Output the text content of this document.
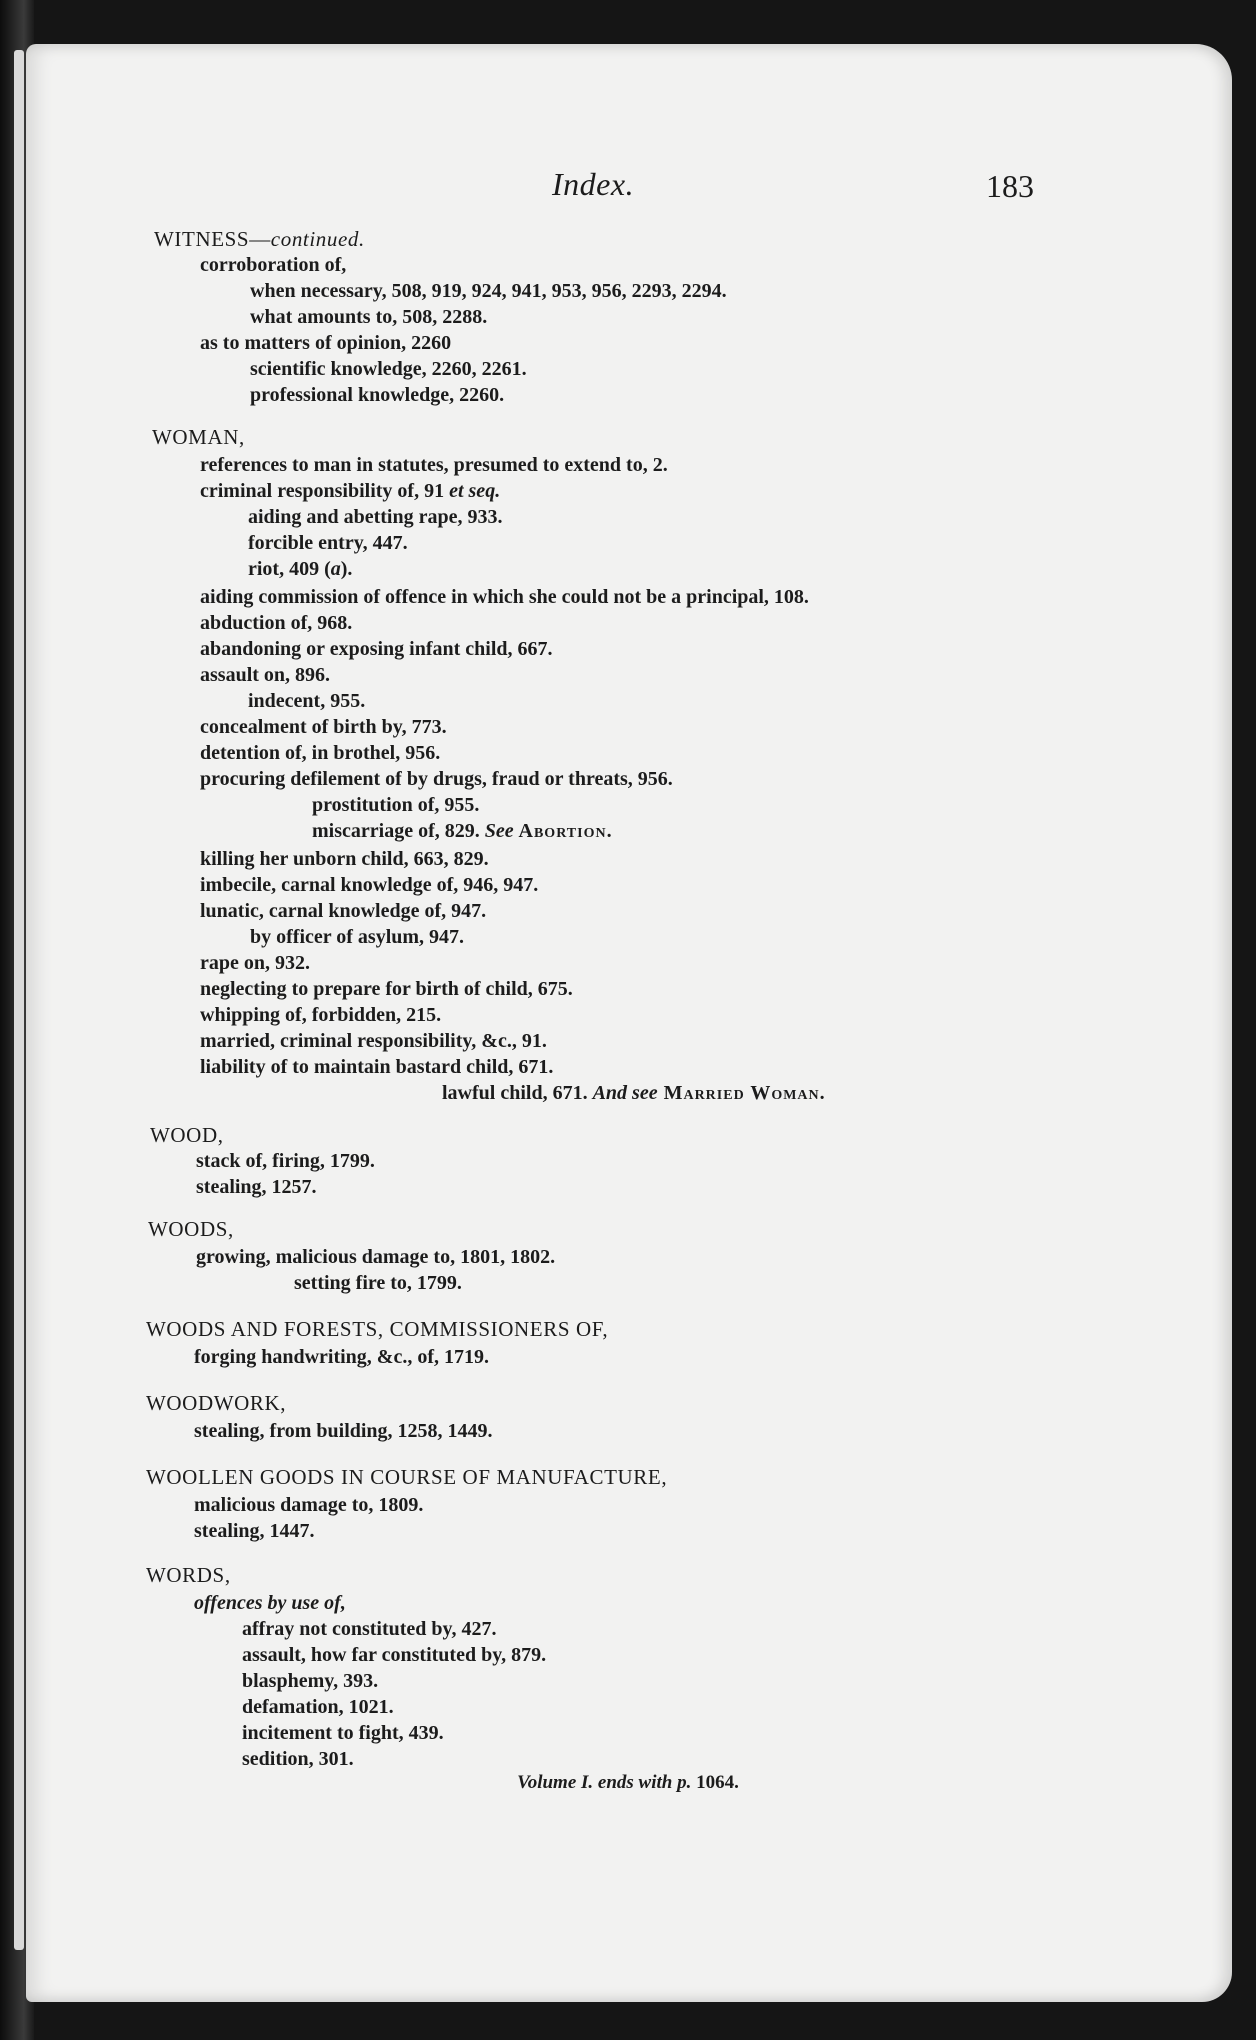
Index.	183
WITNESS—continued.
corroboration of,
when necessary, 508, 919, 924, 941, 953, 956, 2293, 2294.
what amounts to, 508, 2288.
as to matters of opinion, 2260
scientific knowledge, 2260, 2261.
professional knowledge, 2260.
WOMAN,
references to man in statutes, presumed to extend to, 2.
criminal responsibility of, 91 et seq.
aiding and abetting rape, 933.
forcible entry, 447.
riot, 409 (a).
aiding commission of offence in which she could not be a principal, 108.
abduction of, 968.
abandoning or exposing infant child, 667.
assault on, 896.
indecent, 955.
concealment of birth by, 773.
detention of, in brothel, 956.
procuring defilement of by drugs, fraud or threats, 956.
prostitution of, 955.
miscarriage of, 829. See Abortion.
killing her unborn child, 663, 829.
imbecile, carnal knowledge of, 946, 947.
lunatic, carnal knowledge of, 947.
by officer of asylum, 947.
rape on, 932.
neglecting to prepare for birth of child, 675.
whipping of, forbidden, 215.
married, criminal responsibility, &c., 91.
liability of to maintain bastard child, 671.
lawful child, 671. And see Married Woman.
WOOD,
stack of, firing, 1799.
stealing, 1257.
WOODS,
growing, malicious damage to, 1801, 1802.
setting fire to, 1799.
WOODS AND FORESTS, COMMISSIONERS OF,
forging handwriting, &c., of, 1719.
WOODWORK,
stealing, from building, 1258, 1449.
WOOLLEN GOODS IN COURSE OF MANUFACTURE,
malicious damage to, 1809.
stealing, 1447.
WORDS,
offences by use of,
affray not constituted by, 427.
assault, how far constituted by, 879.
blasphemy, 393.
defamation, 1021.
incitement to fight, 439.
sedition, 301.
Volume I. ends with p. 1064.
